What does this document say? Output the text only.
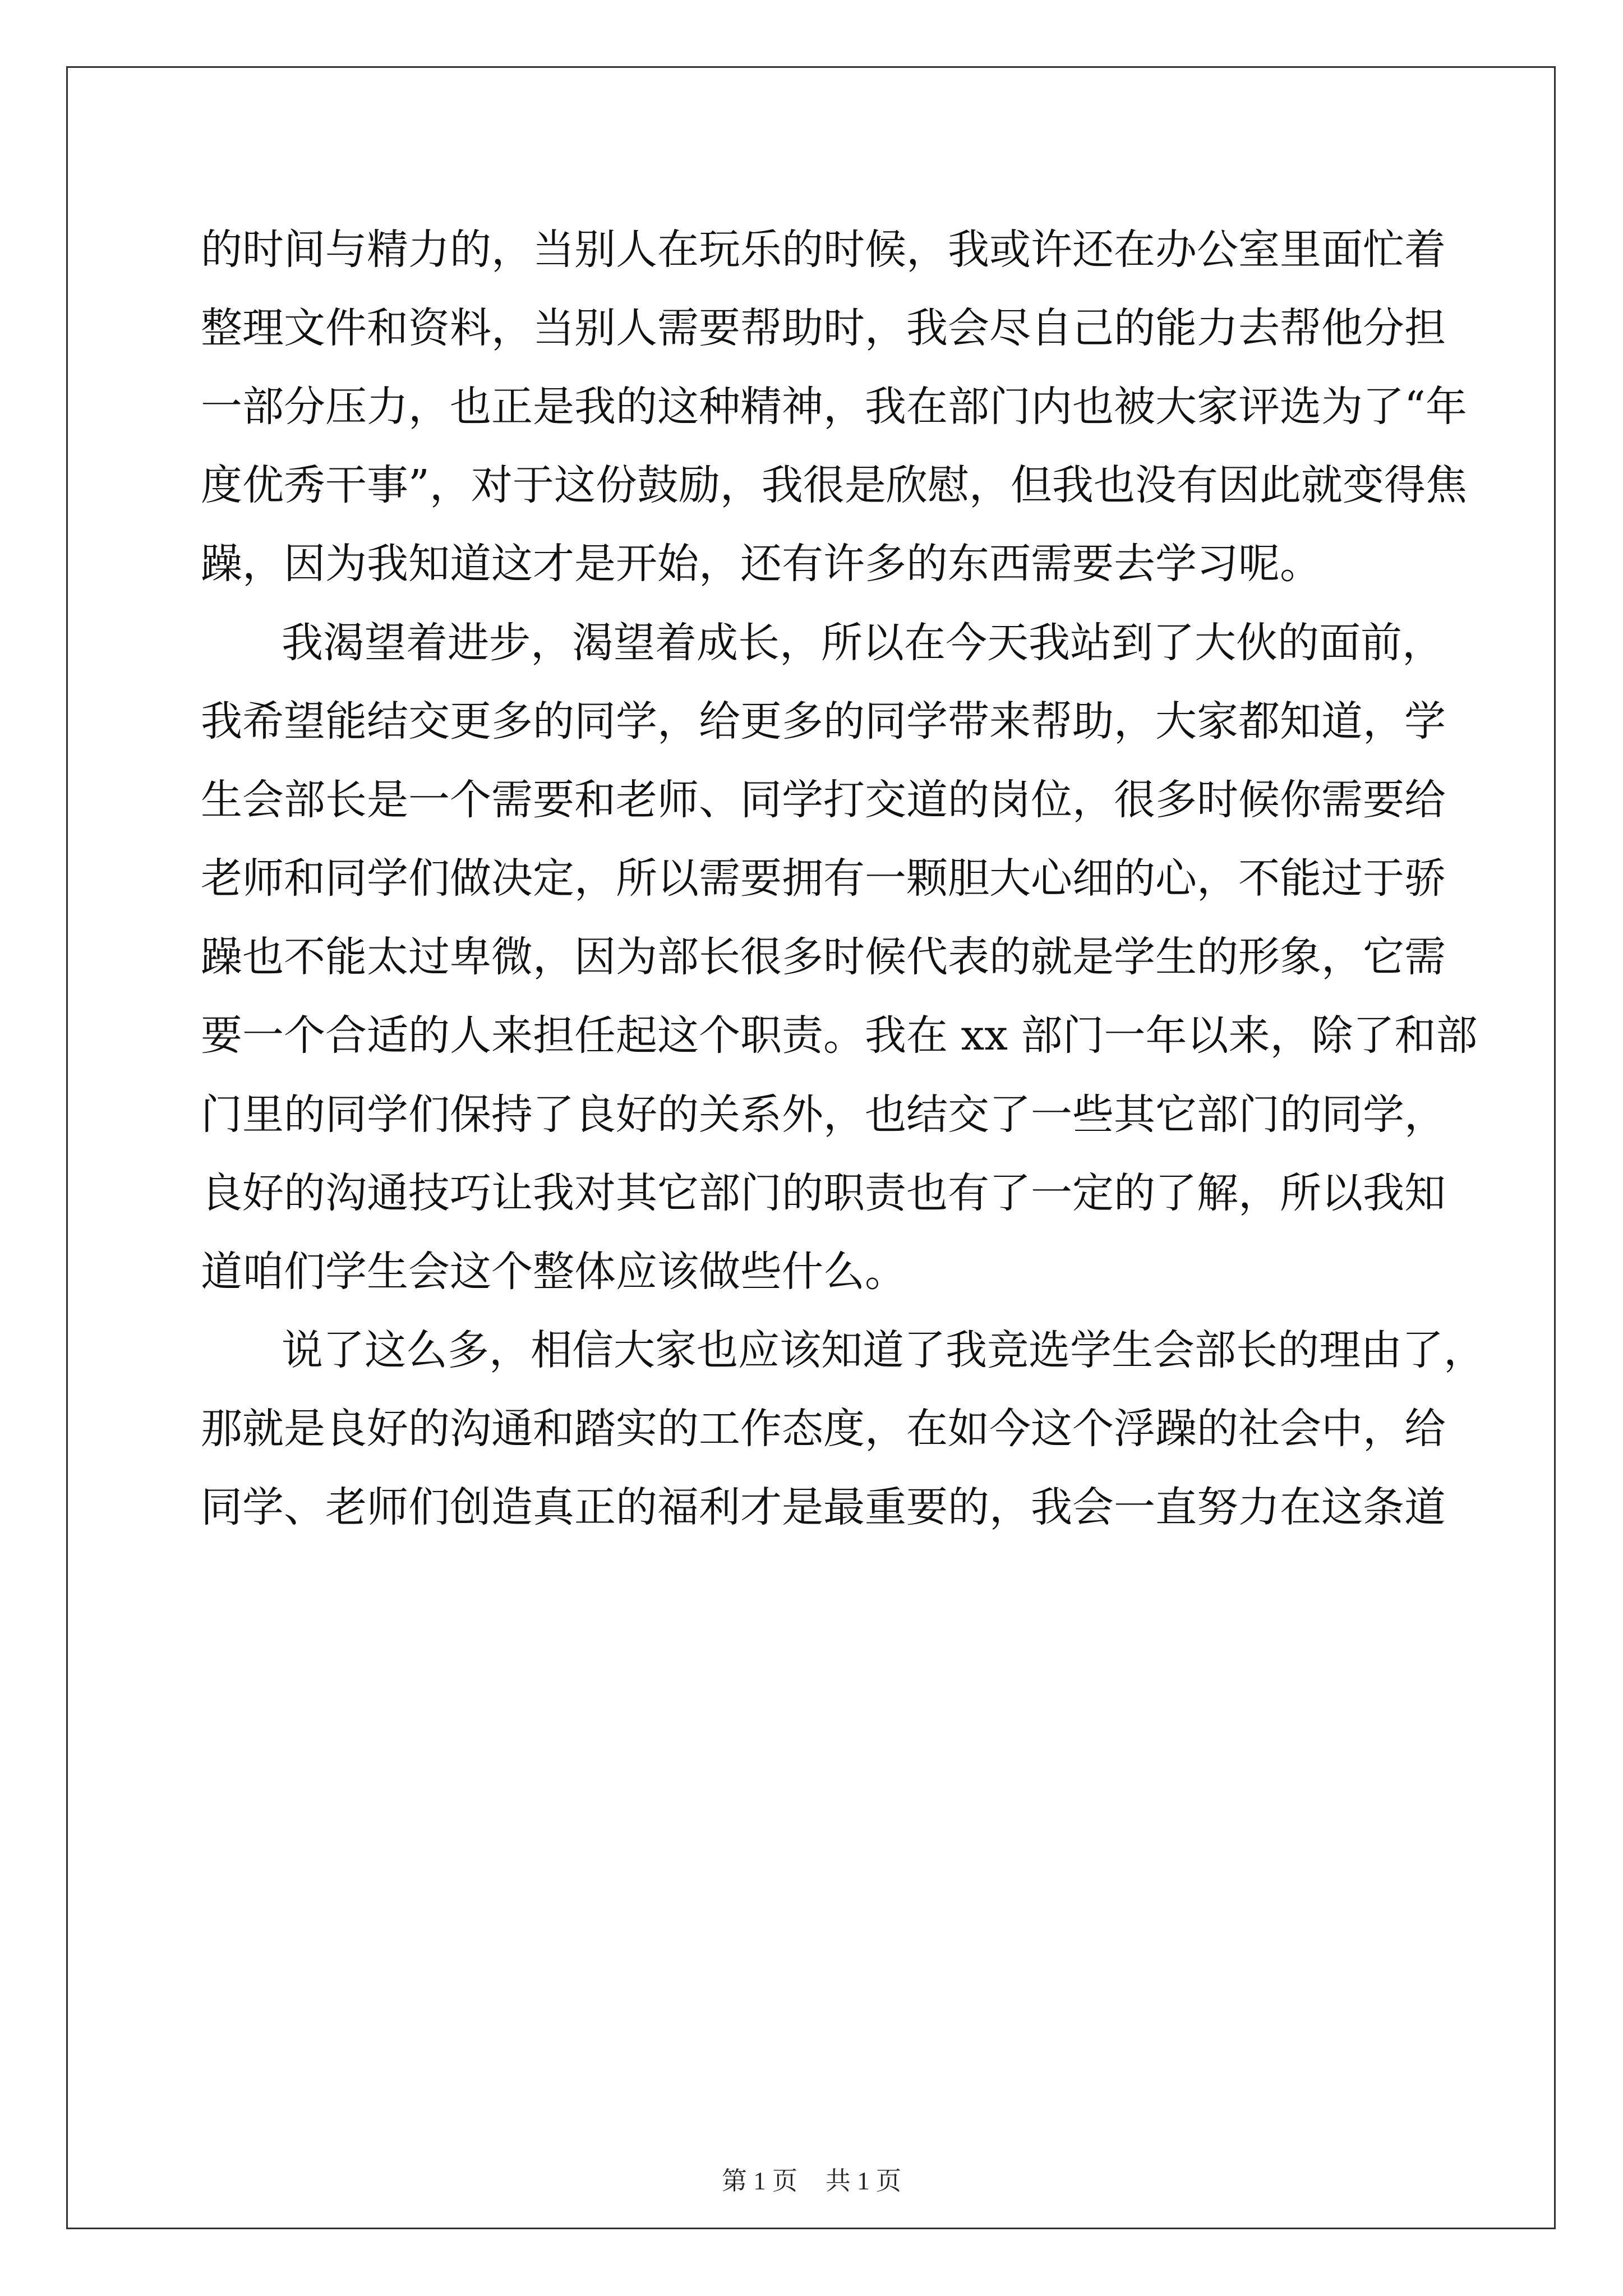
的时间与精力的，当别人在玩乐的时候，我或许还在办公室里面忙着
整理文件和资料，当别人需要帮助时，我会尽自己的能力去帮他分担
一部分压力，也正是我的这种精神，我在部门内也被大家评选为了“年
度优秀干事”，对于这份鼓励，我很是欣慰，但我也没有因此就变得焦
躁，因为我知道这才是开始，还有许多的东西需要去学习呢。
我渴望着进步，渴望着成长，所以在今天我站到了大伙的面前，
我希望能结交更多的同学，给更多的同学带来帮助，大家都知道，学
生会部长是一个需要和老师、同学打交道的岗位，很多时候你需要给
老师和同学们做决定，所以需要拥有一颗胆大心细的心，不能过于骄
躁也不能太过卑微，因为部长很多时候代表的就是学生的形象，它需
要一个合适的人来担任起这个职责。我在 xx 部门一年以来，除了和部
门里的同学们保持了良好的关系外，也结交了一些其它部门的同学，
良好的沟通技巧让我对其它部门的职责也有了一定的了解，所以我知
道咱们学生会这个整体应该做些什么。
说了这么多，相信大家也应该知道了我竞选学生会部长的理由了，
那就是良好的沟通和踏实的工作态度，在如今这个浮躁的社会中，给
同学、老师们创造真正的福利才是最重要的，我会一直努力在这条道
第 1 页 共 1 页
